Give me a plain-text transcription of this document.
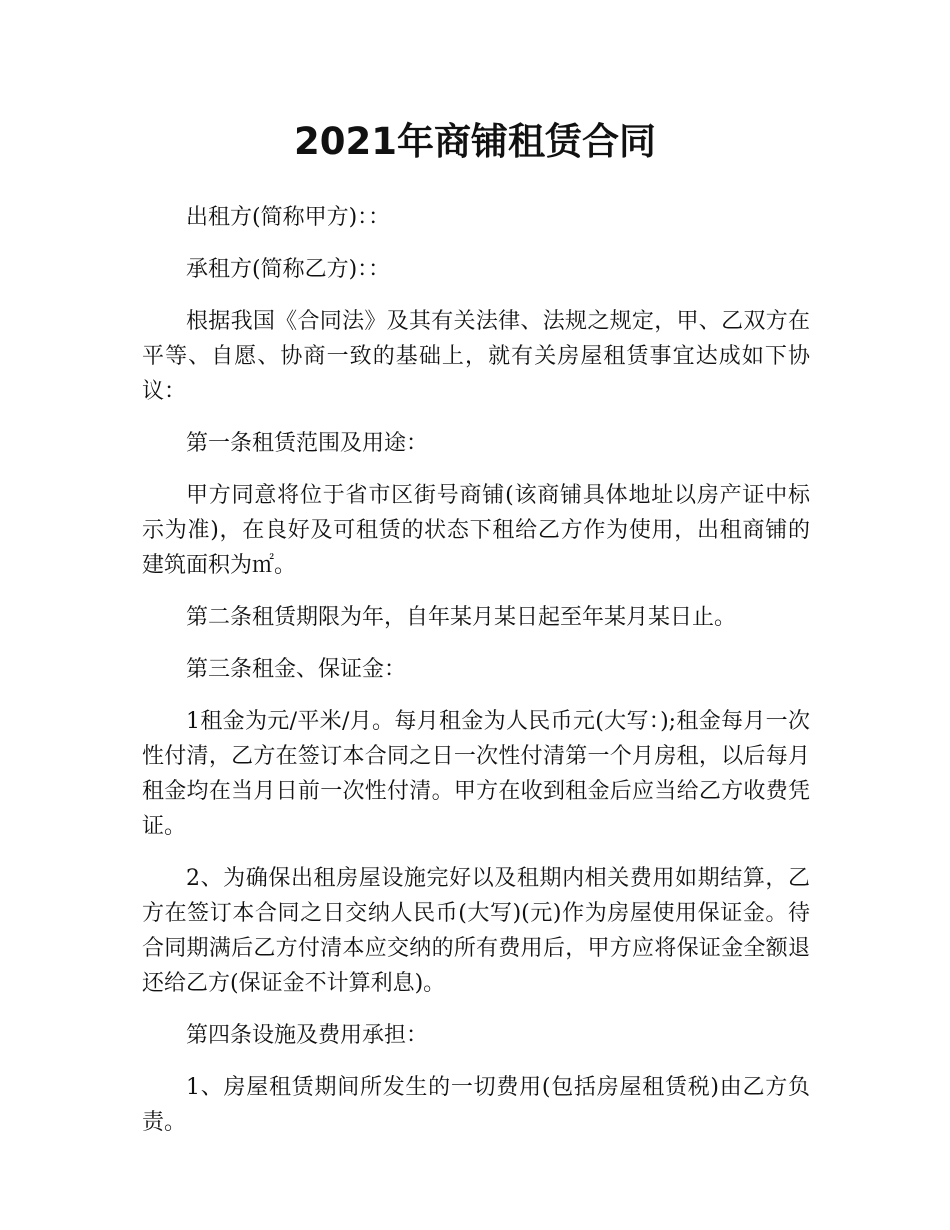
2021年商铺租赁合同

出租方(简称甲方)：：

承租方(简称乙方)：：

根据我国《合同法》及其有关法律、法规之规定，甲、乙双方在平等、自愿、协商一致的基础上，就有关房屋租赁事宜达成如下协议：

第一条租赁范围及用途：

甲方同意将位于省市区街号商铺(该商铺具体地址以房产证中标示为准)，在良好及可租赁的状态下租给乙方作为使用，出租商铺的建筑面积为㎡。

第二条租赁期限为年，自年某月某日起至年某月某日止。

第三条租金、保证金：

1租金为元/平米/月。每月租金为人民币元(大写：);租金每月一次性付清，乙方在签订本合同之日一次性付清第一个月房租，以后每月租金均在当月日前一次性付清。甲方在收到租金后应当给乙方收费凭证。

2、为确保出租房屋设施完好以及租期内相关费用如期结算，乙方在签订本合同之日交纳人民币(大写)(元)作为房屋使用保证金。待合同期满后乙方付清本应交纳的所有费用后，甲方应将保证金全额退还给乙方(保证金不计算利息)。

第四条设施及费用承担：

1、房屋租赁期间所发生的一切费用(包括房屋租赁税)由乙方负责。
